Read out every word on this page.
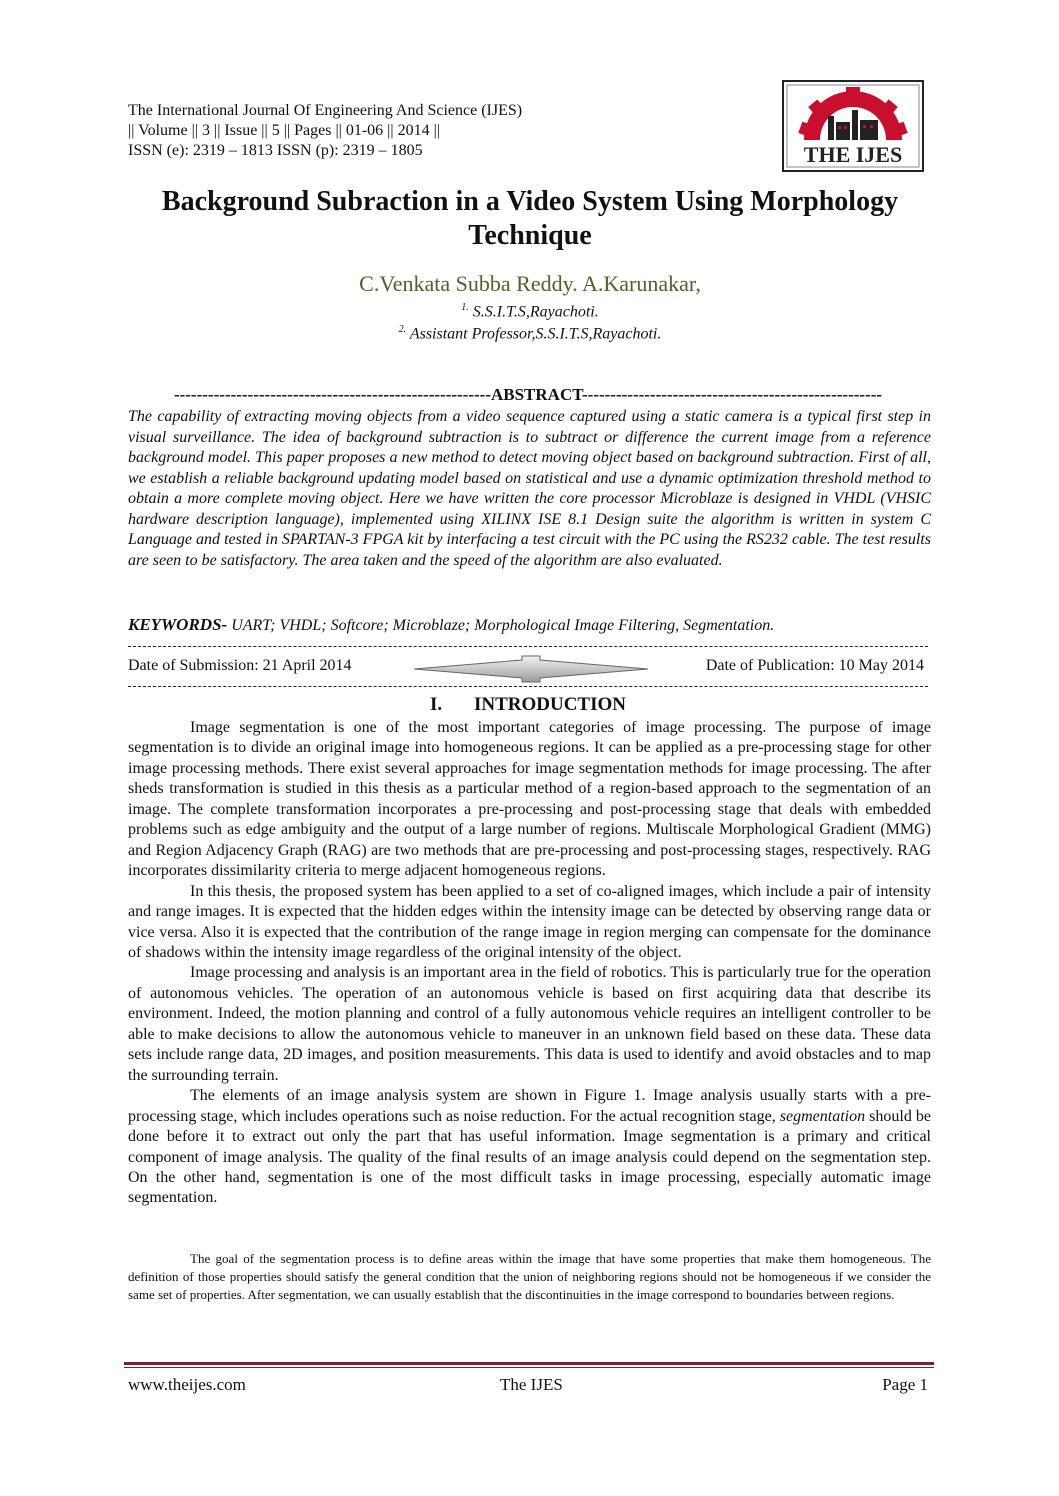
The International Journal Of Engineering And Science (IJES)
|| Volume || 3 || Issue || 5 || Pages || 01-06 || 2014 ||
ISSN (e): 2319 – 1813 ISSN (p): 2319 – 1805	THE IJES
Background Subraction in a Video System Using Morphology
Technique
C.Venkata Subba Reddy. A.Karunakar,
$^{1.}$ S.S.I.T.S,Rayachoti.
$^{2.}$ Assistant Professor,S.S.I.T.S,Rayachoti.
--------------------------------------------------------ABSTRACT-----------------------------------------------------
The capability of extracting moving objects from a video sequence captured using a static camera is a typical first step in visual surveillance. The idea of background subtraction is to subtract or difference the current image from a reference background model. This paper proposes a new method to detect moving object based on background subtraction. First of all, we establish a reliable background updating model based on statistical and use a dynamic optimization threshold method to obtain a more complete moving object. Here we have written the core processor Microblaze is designed in VHDL (VHSIC hardware description language), implemented using XILINX ISE 8.1 Design suite the algorithm is written in system C Language and tested in SPARTAN-3 FPGA kit by interfacing a test circuit with the PC using the RS232 cable. The test results are seen to be satisfactory. The area taken and the speed of the algorithm are also evaluated.
KEYWORDS- UART; VHDL; Softcore; Microblaze; Morphological Image Filtering, Segmentation.
Date of Submission: 21 April 2014	Date of Publication: 10 May 2014
I. INTRODUCTION

Image segmentation is one of the most important categories of image processing. The purpose of image segmentation is to divide an original image into homogeneous regions. It can be applied as a pre-processing stage for other image processing methods. There exist several approaches for image segmentation methods for image processing. The after sheds transformation is studied in this thesis as a particular method of a region-based approach to the segmentation of an image. The complete transformation incorporates a pre-processing and post-processing stage that deals with embedded problems such as edge ambiguity and the output of a large number of regions. Multiscale Morphological Gradient (MMG) and Region Adjacency Graph (RAG) are two methods that are pre-processing and post-processing stages, respectively. RAG incorporates dissimilarity criteria to merge adjacent homogeneous regions.

In this thesis, the proposed system has been applied to a set of co-aligned images, which include a pair of intensity and range images. It is expected that the hidden edges within the intensity image can be detected by observing range data or vice versa. Also it is expected that the contribution of the range image in region merging can compensate for the dominance of shadows within the intensity image regardless of the original intensity of the object.

Image processing and analysis is an important area in the field of robotics. This is particularly true for the operation of autonomous vehicles. The operation of an autonomous vehicle is based on first acquiring data that describe its environment. Indeed, the motion planning and control of a fully autonomous vehicle requires an intelligent controller to be able to make decisions to allow the autonomous vehicle to maneuver in an unknown field based on these data. These data sets include range data, 2D images, and position measurements. This data is used to identify and avoid obstacles and to map the surrounding terrain.

The elements of an image analysis system are shown in Figure 1. Image analysis usually starts with a pre-processing stage, which includes operations such as noise reduction. For the actual recognition stage, segmentation should be done before it to extract out only the part that has useful information. Image segmentation is a primary and critical component of image analysis. The quality of the final results of an image analysis could depend on the segmentation step. On the other hand, segmentation is one of the most difficult tasks in image processing, especially automatic image segmentation.

The goal of the segmentation process is to define areas within the image that have some properties that make them homogeneous. The definition of those properties should satisfy the general condition that the union of neighboring regions should not be homogeneous if we consider the same set of properties. After segmentation, we can usually establish that the discontinuities in the image correspond to boundaries between regions.

www.theijes.com	The IJES	Page 1
